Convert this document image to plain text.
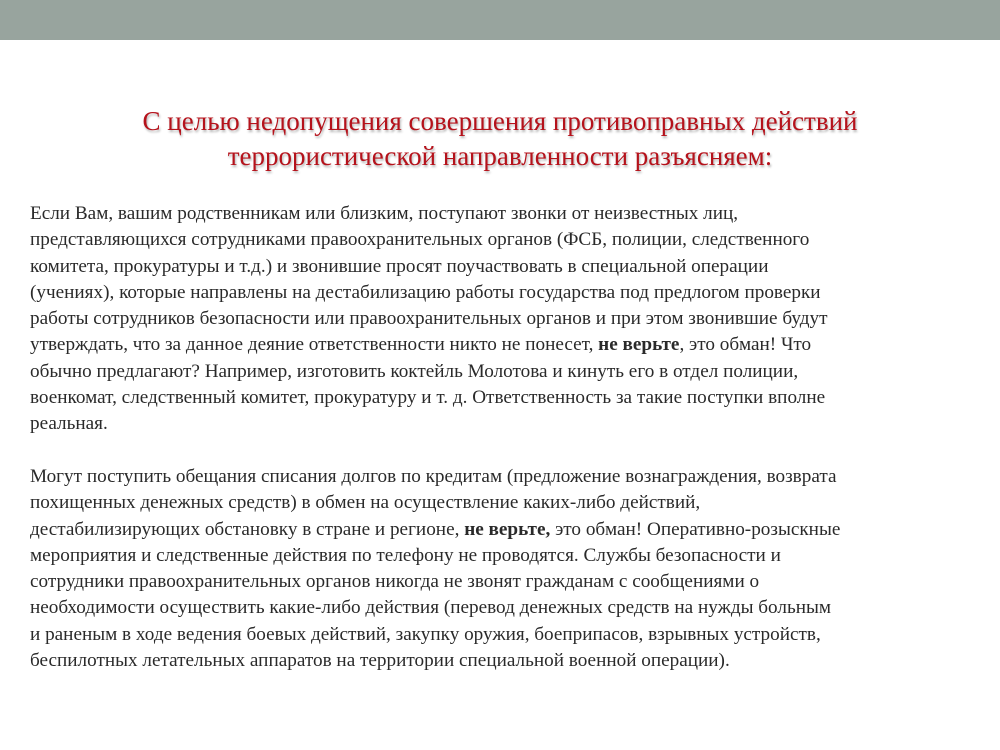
С целью недопущения совершения противоправных действий
террористической направленности разъясняем:

Если Вам, вашим родственникам или близким, поступают звонки от неизвестных лиц,
представляющихся сотрудниками правоохранительных органов (ФСБ, полиции, следственного
комитета, прокуратуры и т.д.) и звонившие просят поучаствовать в специальной операции
(учениях), которые направлены на дестабилизацию работы государства под предлогом проверки
работы сотрудников безопасности или правоохранительных органов и при этом звонившие будут
утверждать, что за данное деяние ответственности никто не понесет, не верьте, это обман! Что
обычно предлагают? Например, изготовить коктейль Молотова и кинуть его в отдел полиции,
военкомат, следственный комитет, прокуратуру и т. д. Ответственность за такие поступки вполне
реальная.

Могут поступить обещания списания долгов по кредитам (предложение вознаграждения, возврата
похищенных денежных средств) в обмен на осуществление каких-либо действий,
дестабилизирующих обстановку в стране и регионе, не верьте, это обман! Оперативно-розыскные
мероприятия и следственные действия по телефону не проводятся. Службы безопасности и
сотрудники правоохранительных органов никогда не звонят гражданам с сообщениями о
необходимости осуществить какие-либо действия (перевод денежных средств на нужды больным
и раненым в ходе ведения боевых действий, закупку оружия, боеприпасов, взрывных устройств,
беспилотных летательных аппаратов на территории специальной военной операции).
